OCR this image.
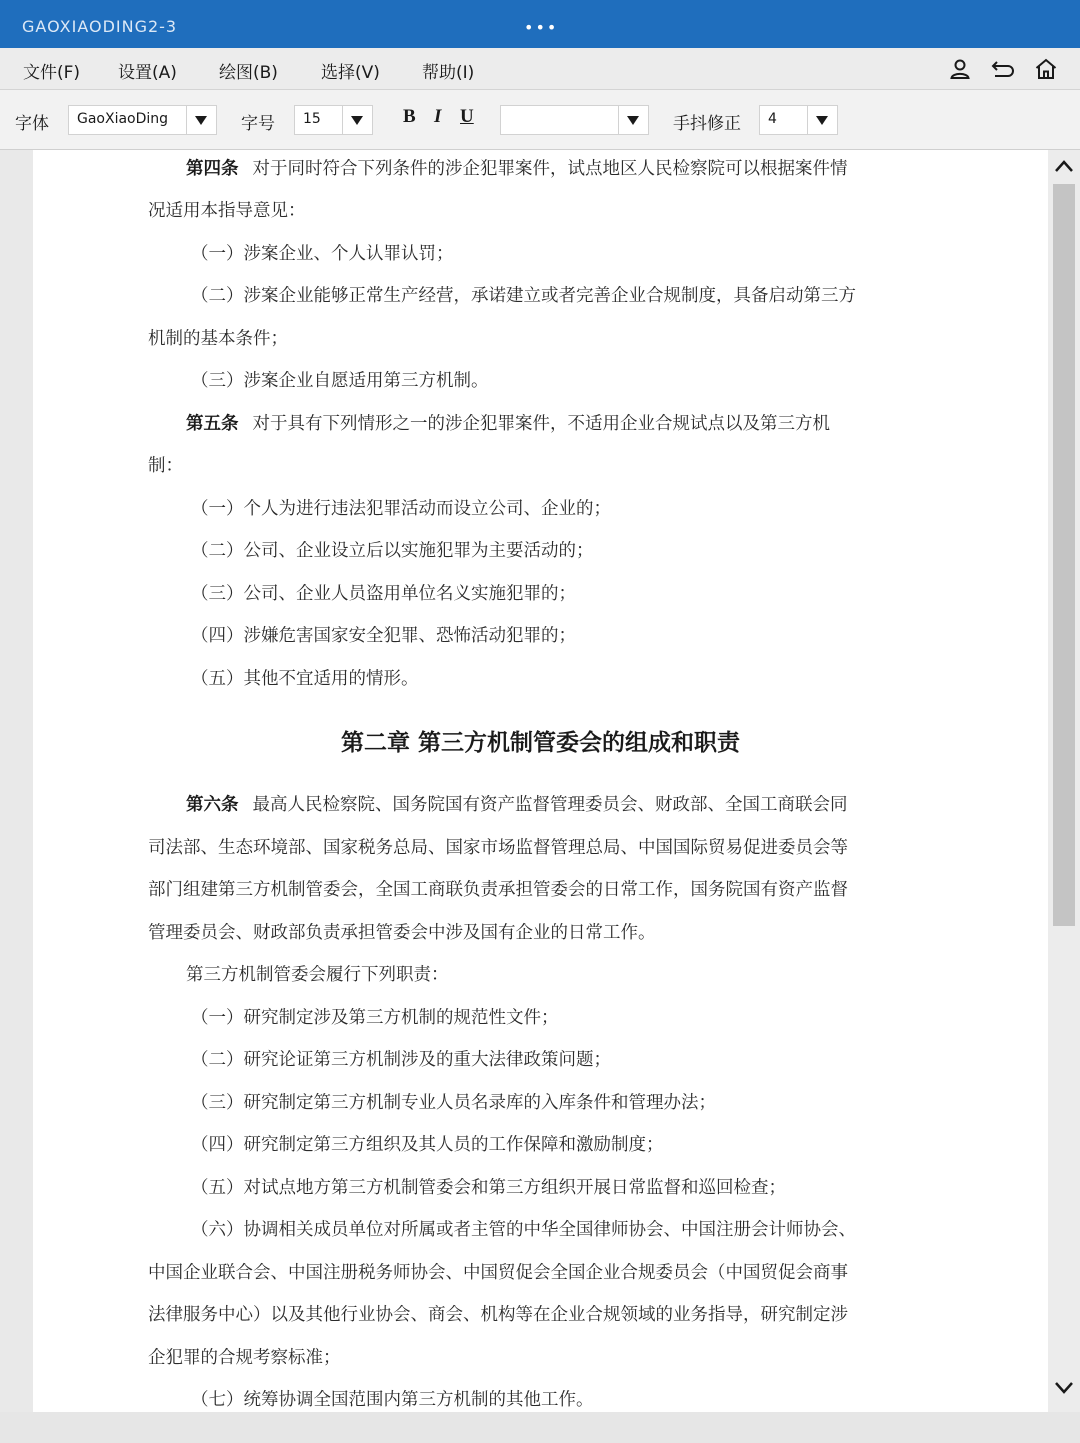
GAOXIAODING2-3	•••
文件(F) 设置(A) 绘图(B)	选择(V) 帮助(I)
字体 GaoXiaoDing	字号 15	B I U	手抖修正 4
第四条 对于同时符合下列条件的涉企犯罪案件，试点地区人民检察院可以根据案件情
况适用本指导意见：
（一）涉案企业、个人认罪认罚；
（二）涉案企业能够正常生产经营，承诺建立或者完善企业合规制度，具备启动第三方
机制的基本条件；
（三）涉案企业自愿适用第三方机制。
第五条 对于具有下列情形之一的涉企犯罪案件，不适用企业合规试点以及第三方机
制：
（一）个人为进行违法犯罪活动而设立公司、企业的；
（二）公司、企业设立后以实施犯罪为主要活动的；
（三）公司、企业人员盗用单位名义实施犯罪的；
（四）涉嫌危害国家安全犯罪、恐怖活动犯罪的；
（五）其他不宜适用的情形。
第二章 第三方机制管委会的组成和职责
第六条 最高人民检察院、国务院国有资产监督管理委员会、财政部、全国工商联会同
司法部、生态环境部、国家税务总局、国家市场监督管理总局、中国国际贸易促进委员会等
部门组建第三方机制管委会，全国工商联负责承担管委会的日常工作，国务院国有资产监督
管理委员会、财政部负责承担管委会中涉及国有企业的日常工作。
第三方机制管委会履行下列职责：
（一）研究制定涉及第三方机制的规范性文件；
（二）研究论证第三方机制涉及的重大法律政策问题；
（三）研究制定第三方机制专业人员名录库的入库条件和管理办法；
（四）研究制定第三方组织及其人员的工作保障和激励制度；
（五）对试点地方第三方机制管委会和第三方组织开展日常监督和巡回检查；
（六）协调相关成员单位对所属或者主管的中华全国律师协会、中国注册会计师协会、
中国企业联合会、中国注册税务师协会、中国贸促会全国企业合规委员会（中国贸促会商事
法律服务中心）以及其他行业协会、商会、机构等在企业合规领域的业务指导，研究制定涉
企犯罪的合规考察标准；
（七）统筹协调全国范围内第三方机制的其他工作。
